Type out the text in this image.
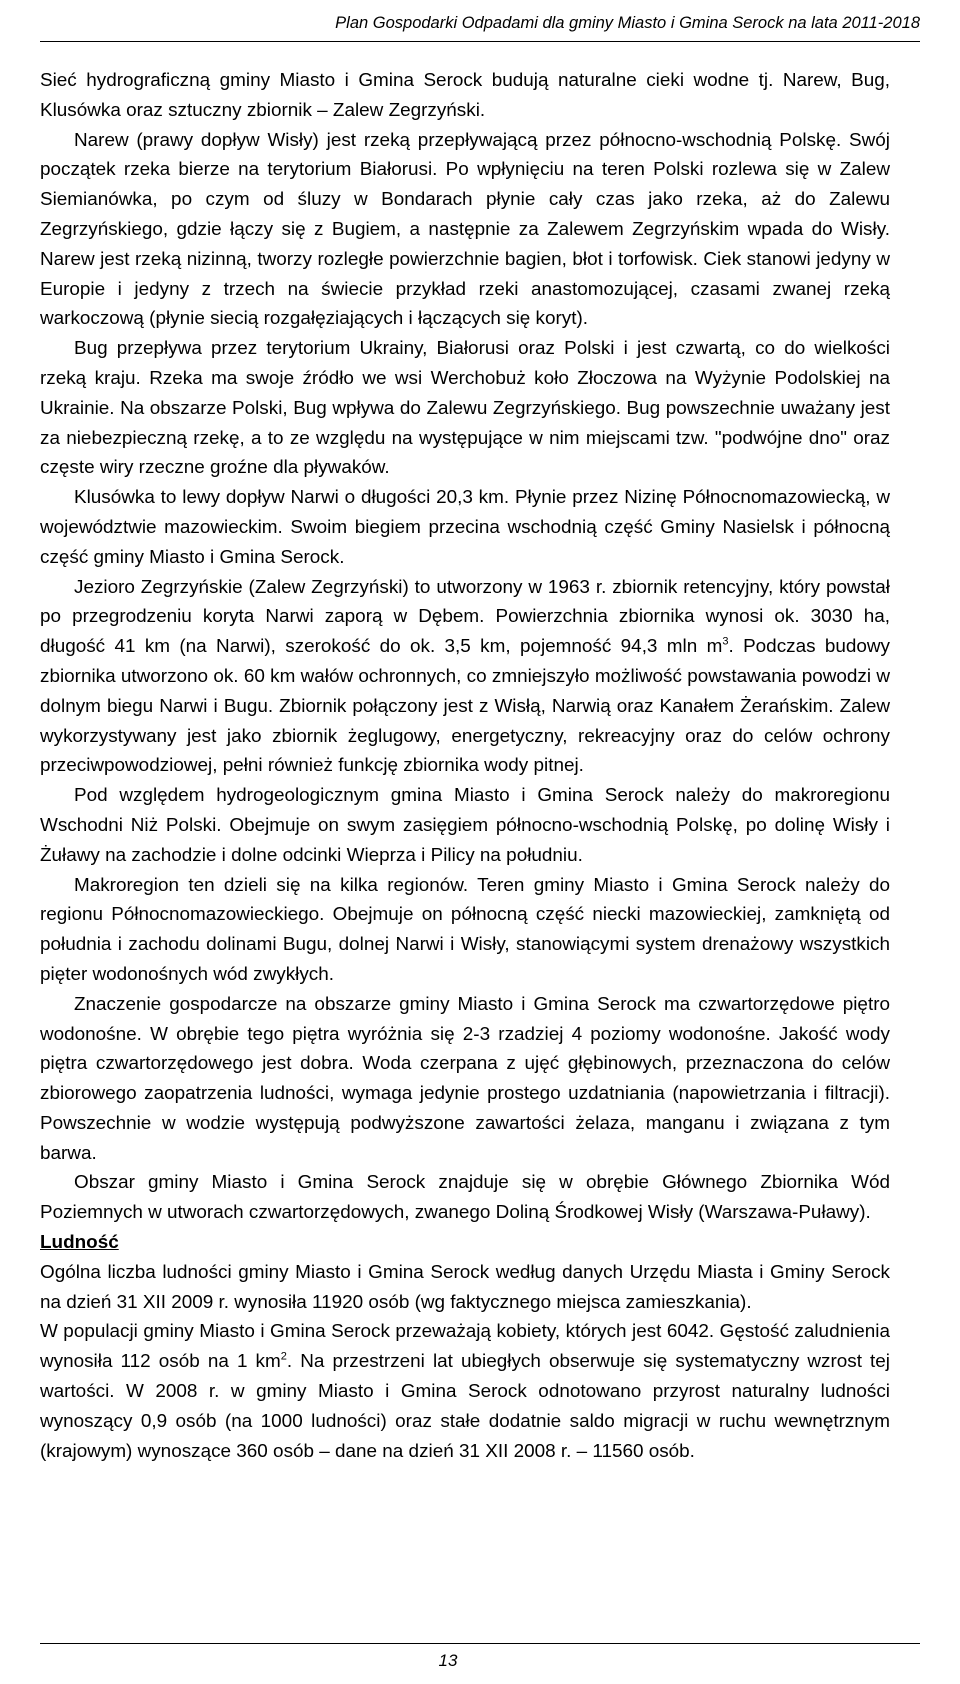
Plan Gospodarki Odpadami dla gminy Miasto i Gmina Serock na lata 2011-2018

Sieć hydrograficzną gminy Miasto i Gmina Serock budują naturalne cieki wodne tj. Narew, Bug, Klusówka oraz sztuczny zbiornik – Zalew Zegrzyński.

Narew (prawy dopływ Wisły) jest rzeką przepływającą przez północno-wschodnią Polskę. Swój początek rzeka bierze na terytorium Białorusi. Po wpłynięciu na teren Polski rozlewa się w Zalew Siemianówka, po czym od śluzy w Bondarach płynie cały czas jako rzeka, aż do Zalewu Zegrzyńskiego, gdzie łączy się z Bugiem, a następnie za Zalewem Zegrzyńskim wpada do Wisły. Narew jest rzeką nizinną, tworzy rozległe powierzchnie bagien, błot i torfowisk. Ciek stanowi jedyny w Europie i jedyny z trzech na świecie przykład rzeki anastomozującej, czasami zwanej rzeką warkoczową (płynie siecią rozgałęziających i łączących się koryt).

Bug przepływa przez terytorium Ukrainy, Białorusi oraz Polski i jest czwartą, co do wielkości rzeką kraju. Rzeka ma swoje źródło we wsi Werchobuż koło Złoczowa na Wyżynie Podolskiej na Ukrainie. Na obszarze Polski, Bug wpływa do Zalewu Zegrzyńskiego. Bug powszechnie uważany jest za niebezpieczną rzekę, a to ze względu na występujące w nim miejscami tzw. "podwójne dno" oraz częste wiry rzeczne groźne dla pływaków.

Klusówka to lewy dopływ Narwi o długości 20,3 km. Płynie przez Nizinę Północnomazowiecką, w województwie mazowieckim. Swoim biegiem przecina wschodnią część Gminy Nasielsk i północną część gminy Miasto i Gmina Serock.

Jezioro Zegrzyńskie (Zalew Zegrzyński) to utworzony w 1963 r. zbiornik retencyjny, który powstał po przegrodzeniu koryta Narwi zaporą w Dębem. Powierzchnia zbiornika wynosi ok. 3030 ha, długość 41 km (na Narwi), szerokość do ok. 3,5 km, pojemność 94,3 mln $m^3$. Podczas budowy zbiornika utworzono ok. 60 km wałów ochronnych, co zmniejszyło możliwość powstawania powodzi w dolnym biegu Narwi i Bugu. Zbiornik połączony jest z Wisłą, Narwią oraz Kanałem Żerańskim. Zalew wykorzystywany jest jako zbiornik żeglugowy, energetyczny, rekreacyjny oraz do celów ochrony przeciwpowodziowej, pełni również funkcję zbiornika wody pitnej.

Pod względem hydrogeologicznym gmina Miasto i Gmina Serock należy do makroregionu Wschodni Niż Polski. Obejmuje on swym zasięgiem północno-wschodnią Polskę, po dolinę Wisły i Żuławy na zachodzie i dolne odcinki Wieprza i Pilicy na południu.

Makroregion ten dzieli się na kilka regionów. Teren gminy Miasto i Gmina Serock należy do regionu Północnomazowieckiego. Obejmuje on północną część niecki mazowieckiej, zamkniętą od południa i zachodu dolinami Bugu, dolnej Narwi i Wisły, stanowiącymi system drenażowy wszystkich pięter wodonośnych wód zwykłych.

Znaczenie gospodarcze na obszarze gminy Miasto i Gmina Serock ma czwartorzędowe piętro wodonośne. W obrębie tego piętra wyróżnia się 2-3 rzadziej 4 poziomy wodonośne. Jakość wody piętra czwartorzędowego jest dobra. Woda czerpana z ujęć głębinowych, przeznaczona do celów zbiorowego zaopatrzenia ludności, wymaga jedynie prostego uzdatniania (napowietrzania i filtracji). Powszechnie w wodzie występują podwyższone zawartości żelaza, manganu i związana z tym barwa.

Obszar gminy Miasto i Gmina Serock znajduje się w obrębie Głównego Zbiornika Wód Poziemnych w utworach czwartorzędowych, zwanego Doliną Środkowej Wisły (Warszawa-Puławy).

Ludność

Ogólna liczba ludności gminy Miasto i Gmina Serock według danych Urzędu Miasta i Gminy Serock na dzień 31 XII 2009 r. wynosiła 11920 osób (wg faktycznego miejsca zamieszkania).

W populacji gminy Miasto i Gmina Serock przeważają kobiety, których jest 6042. Gęstość zaludnienia wynosiła 112 osób na 1 $km^2$. Na przestrzeni lat ubiegłych obserwuje się systematyczny wzrost tej wartości. W 2008 r. w gminy Miasto i Gmina Serock odnotowano przyrost naturalny ludności wynoszący 0,9 osób (na 1000 ludności) oraz stałe dodatnie saldo migracji w ruchu wewnętrznym (krajowym) wynoszące 360 osób – dane na dzień 31 XII 2008 r. – 11560 osób.

13
